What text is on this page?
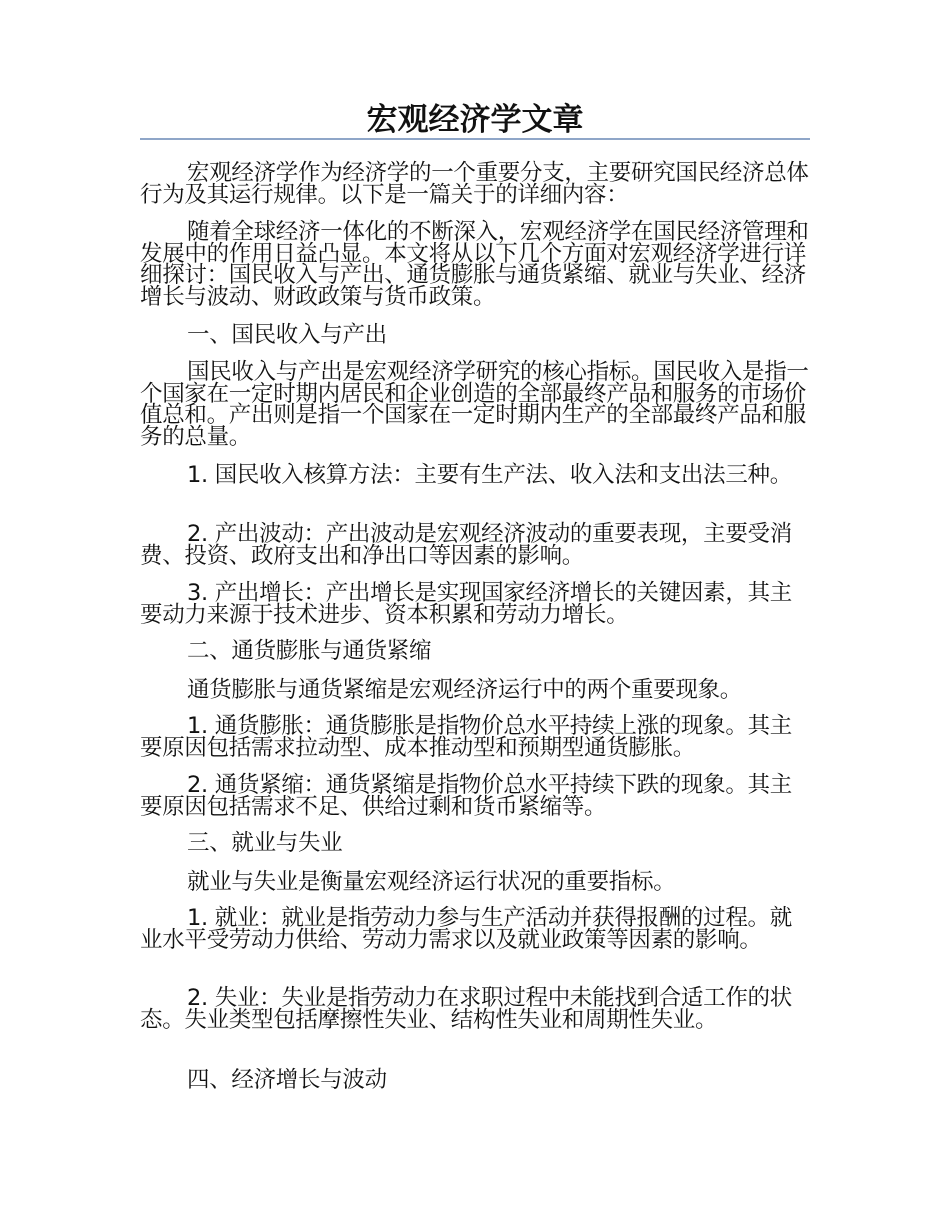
宏观经济学文章

宏观经济学作为经济学的一个重要分支，主要研究国民经济总体行为及其运行规律。以下是一篇关于的详细内容：

随着全球经济一体化的不断深入，宏观经济学在国民经济管理和发展中的作用日益凸显。本文将从以下几个方面对宏观经济学进行详细探讨：国民收入与产出、通货膨胀与通货紧缩、就业与失业、经济增长与波动、财政政策与货币政策。

一、国民收入与产出

国民收入与产出是宏观经济学研究的核心指标。国民收入是指一个国家在一定时期内居民和企业创造的全部最终产品和服务的市场价值总和。产出则是指一个国家在一定时期内生产的全部最终产品和服务的总量。

1. 国民收入核算方法：主要有生产法、收入法和支出法三种。

2. 产出波动：产出波动是宏观经济波动的重要表现，主要受消费、投资、政府支出和净出口等因素的影响。

3. 产出增长：产出增长是实现国家经济增长的关键因素，其主要动力来源于技术进步、资本积累和劳动力增长。

二、通货膨胀与通货紧缩

通货膨胀与通货紧缩是宏观经济运行中的两个重要现象。

1. 通货膨胀：通货膨胀是指物价总水平持续上涨的现象。其主要原因包括需求拉动型、成本推动型和预期型通货膨胀。

2. 通货紧缩：通货紧缩是指物价总水平持续下跌的现象。其主要原因包括需求不足、供给过剩和货币紧缩等。

三、就业与失业

就业与失业是衡量宏观经济运行状况的重要指标。

1. 就业：就业是指劳动力参与生产活动并获得报酬的过程。就业水平受劳动力供给、劳动力需求以及就业政策等因素的影响。

2. 失业：失业是指劳动力在求职过程中未能找到合适工作的状态。失业类型包括摩擦性失业、结构性失业和周期性失业。

四、经济增长与波动
